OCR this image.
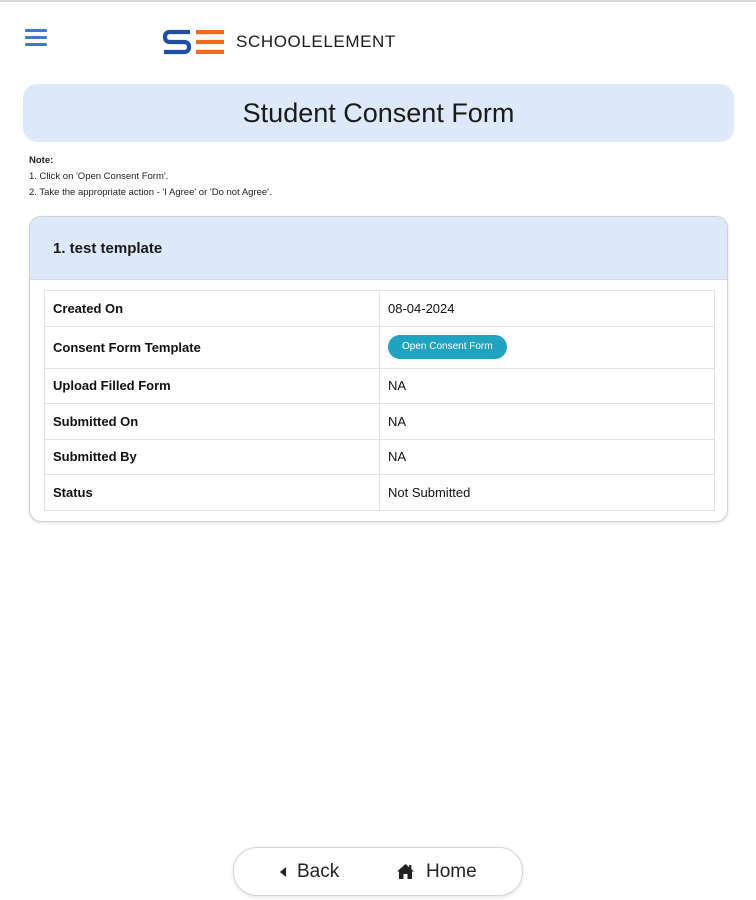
SCHOOLELEMENT
Student Consent Form
Note:
1. Click on 'Open Consent Form'.
2. Take the appropriate action - 'I Agree' or 'Do not Agree'.
1. test template
Created On	08-04-2024
Consent Form Template	Open Consent Form
Upload Filled Form	NA
Submitted On	NA
Submitted By	NA
Status	Not Submitted
Back	Home
